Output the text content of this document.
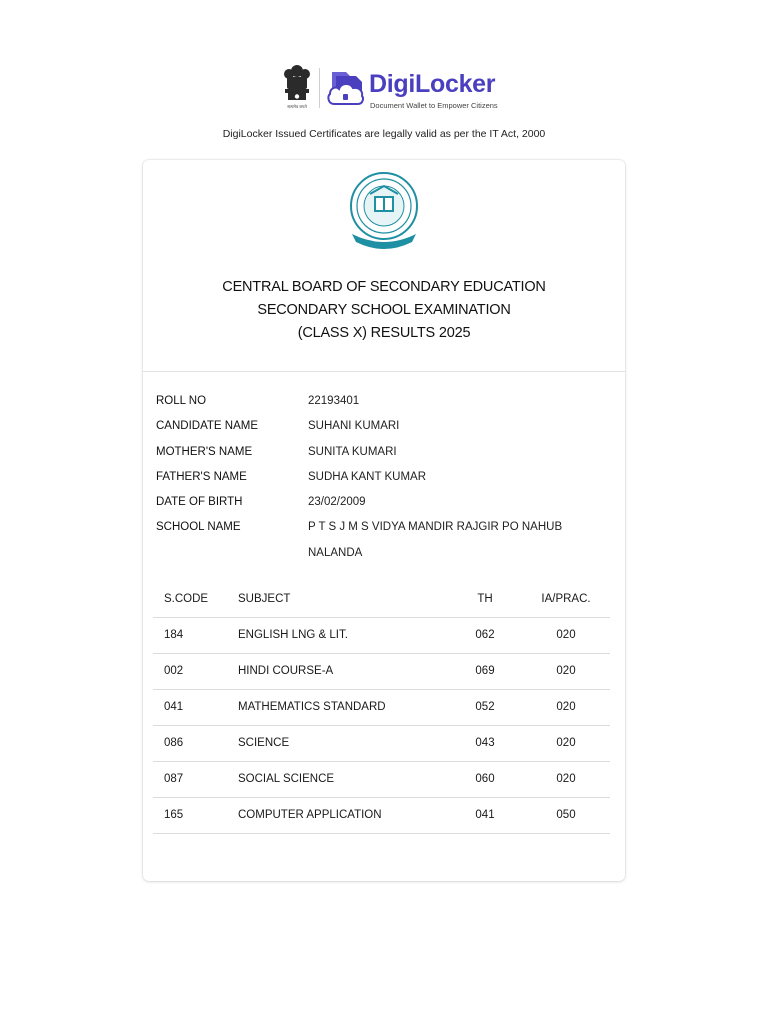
सत्यमेव जयते
DigiLocker
Document Wallet to Empower Citizens
DigiLocker Issued Certificates are legally valid as per the IT Act, 2000
CENTRAL BOARD OF SECONDARY EDUCATION
SECONDARY SCHOOL EXAMINATION
(CLASS X) RESULTS 2025
ROLL NO	22193401
CANDIDATE NAME	SUHANI KUMARI
MOTHER'S NAME	SUNITA KUMARI
FATHER'S NAME	SUDHA KANT KUMAR
DATE OF BIRTH	23/02/2009
SCHOOL NAME	P T S J M S VIDYA MANDIR RAJGIR PO NAHUB NALANDA
S.CODE	SUBJECT	TH	IA/PRAC.
184	ENGLISH LNG & LIT.	062	020
002	HINDI COURSE-A	069	020
041	MATHEMATICS STANDARD	052	020
086	SCIENCE	043	020
087	SOCIAL SCIENCE	060	020
165	COMPUTER APPLICATION	041	050
